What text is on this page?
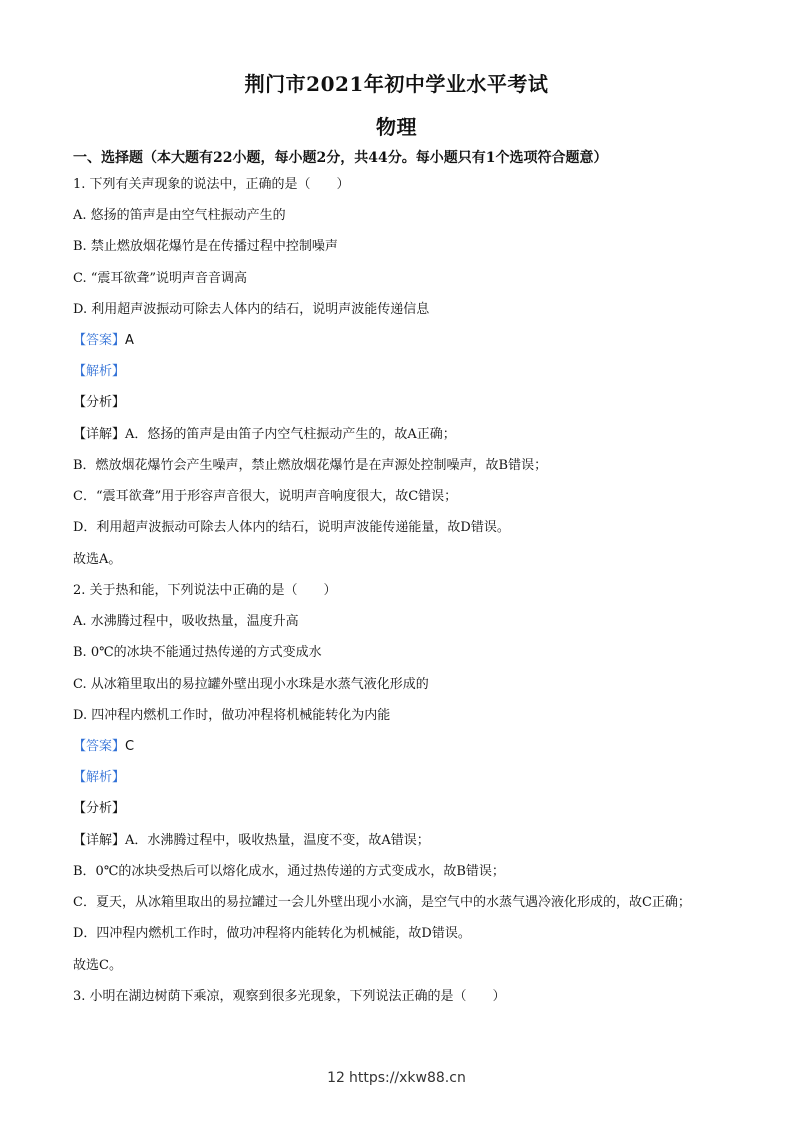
荆门市2021年初中学业水平考试
物理
一、选择题（本大题有22小题，每小题2分，共44分。每小题只有1个选项符合题意）
1. 下列有关声现象的说法中，正确的是（　　）
A. 悠扬的笛声是由空气柱振动产生的
B. 禁止燃放烟花爆竹是在传播过程中控制噪声
C. “震耳欲聋”说明声音音调高
D. 利用超声波振动可除去人体内的结石，说明声波能传递信息
【答案】A
【解析】
【分析】
【详解】A．悠扬的笛声是由笛子内空气柱振动产生的，故A正确；
B．燃放烟花爆竹会产生噪声，禁止燃放烟花爆竹是在声源处控制噪声，故B错误；
C．“震耳欲聋”用于形容声音很大，说明声音响度很大，故C错误；
D．利用超声波振动可除去人体内的结石，说明声波能传递能量，故D错误。
故选A。
2. 关于热和能，下列说法中正确的是（　　）
A. 水沸腾过程中，吸收热量，温度升高
B. 0℃的冰块不能通过热传递的方式变成水
C. 从冰箱里取出的易拉罐外壁出现小水珠是水蒸气液化形成的
D. 四冲程内燃机工作时，做功冲程将机械能转化为内能
【答案】C
【解析】
【分析】
【详解】A．水沸腾过程中，吸收热量，温度不变，故A错误；
B．0℃的冰块受热后可以熔化成水，通过热传递的方式变成水，故B错误；
C．夏天，从冰箱里取出的易拉罐过一会儿外壁出现小水滴，是空气中的水蒸气遇冷液化形成的，故C正确；
D．四冲程内燃机工作时，做功冲程将内能转化为机械能，故D错误。
故选C。
3. 小明在湖边树荫下乘凉，观察到很多光现象，下列说法正确的是（　　）
12 https://xkw88.cn
